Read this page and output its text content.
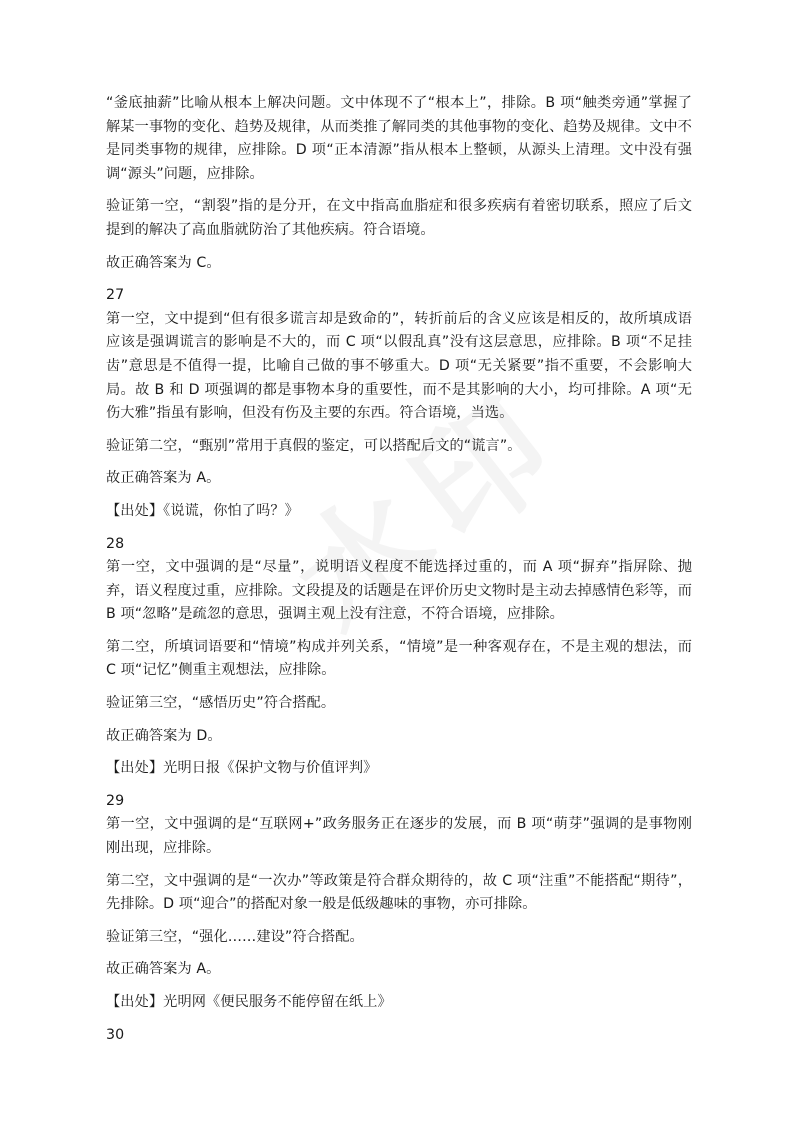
“釜底抽薪”比喻从根本上解决问题。文中体现不了“根本上”，排除。B 项“触类旁通”掌握了解某一事物的变化、趋势及规律，从而类推了解同类的其他事物的变化、趋势及规律。文中不是同类事物的规律，应排除。D 项“正本清源”指从根本上整顿，从源头上清理。文中没有强调“源头”问题，应排除。

验证第一空，“割裂”指的是分开，在文中指高血脂症和很多疾病有着密切联系，照应了后文提到的解决了高血脂就防治了其他疾病。符合语境。

故正确答案为 C。

27

第一空，文中提到“但有很多谎言却是致命的”，转折前后的含义应该是相反的，故所填成语应该是强调谎言的影响是不大的，而 C 项“以假乱真”没有这层意思，应排除。B 项“不足挂齿”意思是不值得一提，比喻自己做的事不够重大。D 项“无关紧要”指不重要，不会影响大局。故 B 和 D 项强调的都是事物本身的重要性，而不是其影响的大小，均可排除。A 项“无伤大雅”指虽有影响，但没有伤及主要的东西。符合语境，当选。

验证第二空，“甄别”常用于真假的鉴定，可以搭配后文的“谎言”。

故正确答案为 A。

【出处】《说谎，你怕了吗？》

28

第一空，文中强调的是“尽量”，说明语义程度不能选择过重的，而 A 项“摒弃”指屏除、抛弃，语义程度过重，应排除。文段提及的话题是在评价历史文物时是主动去掉感情色彩等，而 B 项“忽略”是疏忽的意思，强调主观上没有注意，不符合语境，应排除。

第二空，所填词语要和“情境”构成并列关系，“情境”是一种客观存在，不是主观的想法，而 C 项“记忆”侧重主观想法，应排除。

验证第三空，“感悟历史”符合搭配。

故正确答案为 D。

【出处】光明日报《保护文物与价值评判》

29

第一空，文中强调的是“互联网+”政务服务正在逐步的发展，而 B 项“萌芽”强调的是事物刚刚出现，应排除。

第二空，文中强调的是“一次办”等政策是符合群众期待的，故 C 项“注重”不能搭配“期待”，先排除。D 项“迎合”的搭配对象一般是低级趣味的事物，亦可排除。

验证第三空，“强化……建设”符合搭配。

故正确答案为 A。

【出处】光明网《便民服务不能停留在纸上》

30
